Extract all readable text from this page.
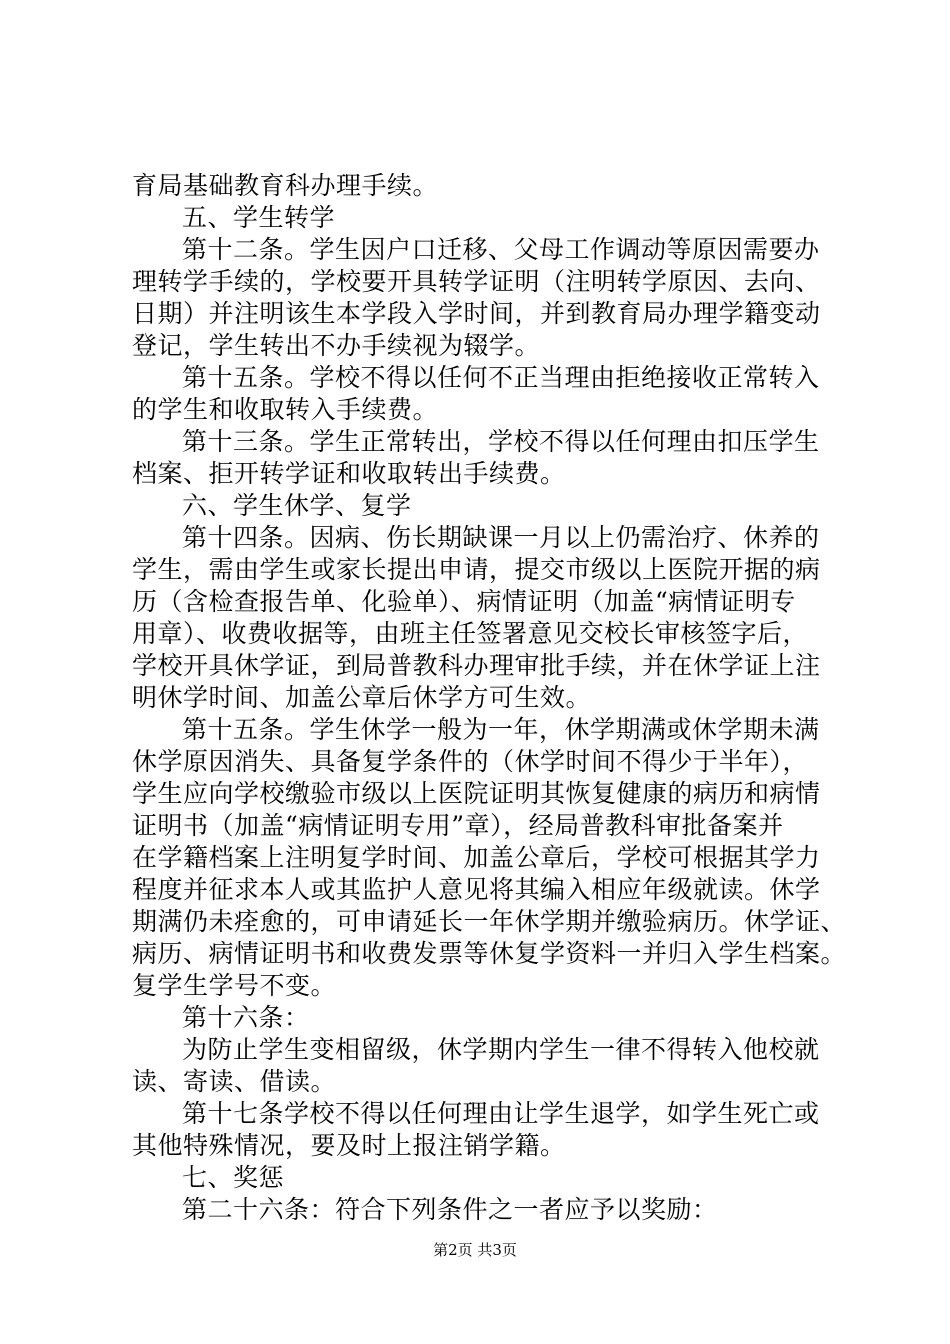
育局基础教育科办理手续。
五、学生转学
第十二条。学生因户口迁移、父母工作调动等原因需要办
理转学手续的，学校要开具转学证明（注明转学原因、去向、
日期）并注明该生本学段入学时间，并到教育局办理学籍变动
登记，学生转出不办手续视为辍学。
第十五条。学校不得以任何不正当理由拒绝接收正常转入
的学生和收取转入手续费。
第十三条。学生正常转出，学校不得以任何理由扣压学生
档案、拒开转学证和收取转出手续费。
六、学生休学、复学
第十四条。因病、伤长期缺课一月以上仍需治疗、休养的
学生，需由学生或家长提出申请，提交市级以上医院开据的病
历（含检查报告单、化验单）、病情证明（加盖“病情证明专
用章）、收费收据等，由班主任签署意见交校长审核签字后，
学校开具休学证，到局普教科办理审批手续，并在休学证上注
明休学时间、加盖公章后休学方可生效。
第十五条。学生休学一般为一年，休学期满或休学期未满
休学原因消失、具备复学条件的（休学时间不得少于半年），
学生应向学校缴验市级以上医院证明其恢复健康的病历和病情
证明书（加盖“病情证明专用”章），经局普教科审批备案并
在学籍档案上注明复学时间、加盖公章后，学校可根据其学力
程度并征求本人或其监护人意见将其编入相应年级就读。休学
期满仍未痊愈的，可申请延长一年休学期并缴验病历。休学证、
病历、病情证明书和收费发票等休复学资料一并归入学生档案。
复学生学号不变。
第十六条：
为防止学生变相留级，休学期内学生一律不得转入他校就
读、寄读、借读。
第十七条学校不得以任何理由让学生退学，如学生死亡或
其他特殊情况，要及时上报注销学籍。
七、奖惩
第二十六条：符合下列条件之一者应予以奖励：
第2页 共3页
